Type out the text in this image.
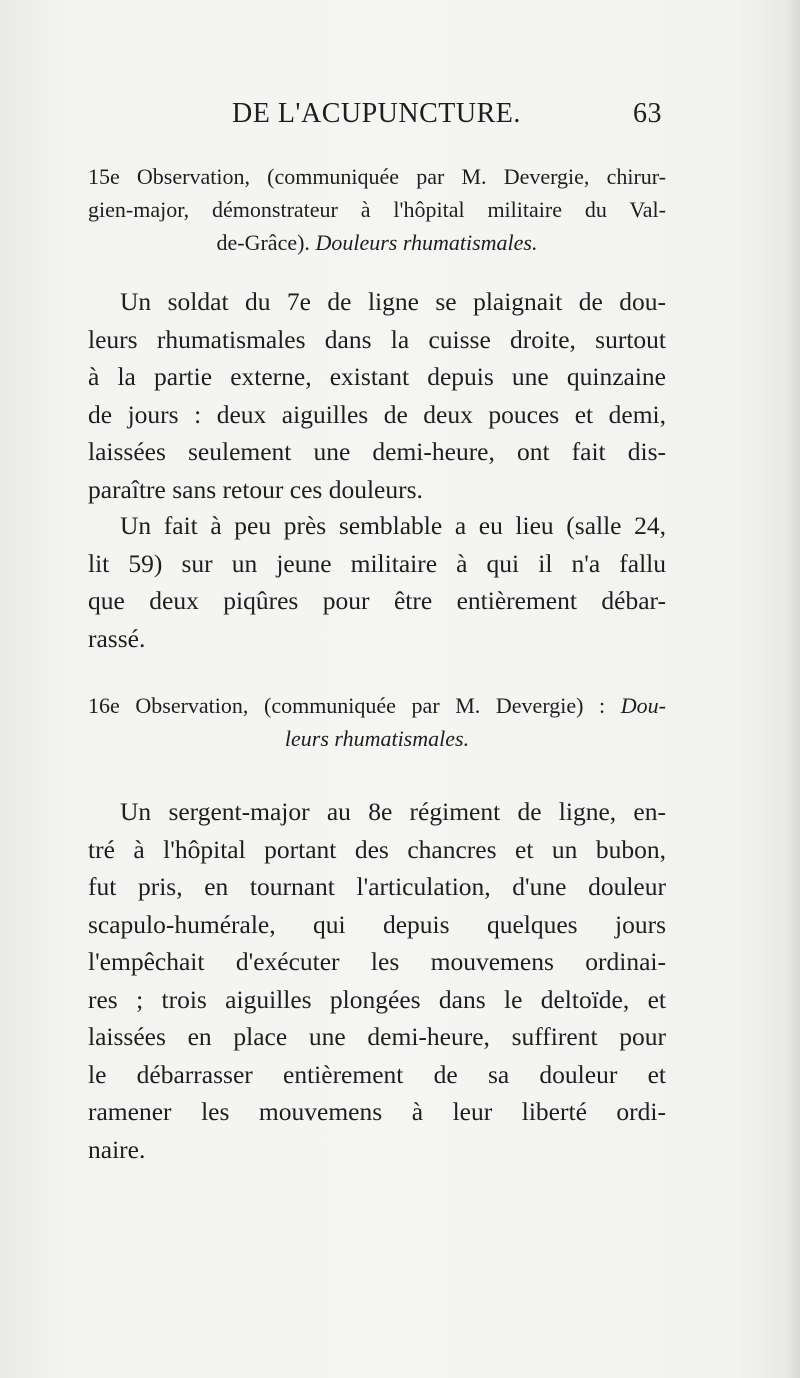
DE L'ACUPUNCTURE.	63
15e Observation, (communiquée par M. Devergie, chirur-
gien-major, démonstrateur à l'hôpital militaire du Val-
de-Grâce). Douleurs rhumatismales.
Un soldat du 7e de ligne se plaignait de dou-
leurs rhumatismales dans la cuisse droite, surtout
à la partie externe, existant depuis une quinzaine
de jours : deux aiguilles de deux pouces et demi,
laissées seulement une demi-heure, ont fait dis-
paraître sans retour ces douleurs.
Un fait à peu près semblable a eu lieu (salle 24,
lit 59) sur un jeune militaire à qui il n'a fallu
que deux piqûres pour être entièrement débar-
rassé.
16e Observation, (communiquée par M. Devergie) : Dou-
leurs rhumatismales.
Un sergent-major au 8e régiment de ligne, en-
tré à l'hôpital portant des chancres et un bubon,
fut pris, en tournant l'articulation, d'une douleur
scapulo-humérale, qui depuis quelques jours
l'empêchait d'exécuter les mouvemens ordinai-
res ; trois aiguilles plongées dans le deltoïde, et
laissées en place une demi-heure, suffirent pour
le débarrasser entièrement de sa douleur et
ramener les mouvemens à leur liberté ordi-
naire.
